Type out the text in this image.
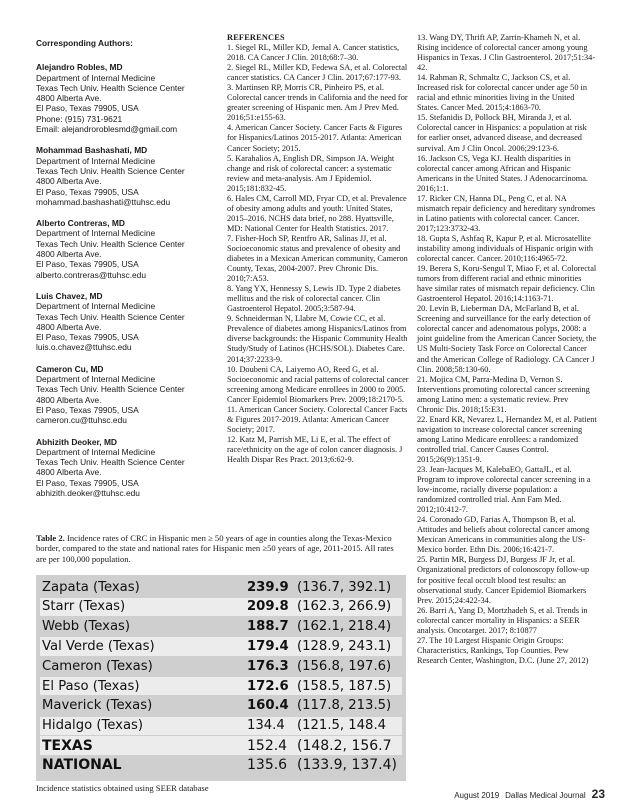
Corresponding Authors:
Alejandro Robles, MD
Department of Internal Medicine
Texas Tech Univ. Health Science Center
4800 Alberta Ave.
El Paso, Texas 79905, USA
Phone: (915) 731-9621
Email: alejandroroblesmd@gmail.com
Mohammad Bashashati, MD
Department of Internal Medicine
Texas Tech Univ. Health Science Center
4800 Alberta Ave.
El Paso, Texas 79905, USA
mohammad.bashashati@ttuhsc.edu
Alberto Contreras, MD
Department of Internal Medicine
Texas Tech Univ. Health Science Center
4800 Alberta Ave.
El Paso, Texas 79905, USA
alberto.contreras@ttuhsc.edu
Luis Chavez, MD
Department of Internal Medicine
Texas Tech Univ. Health Science Center
4800 Alberta Ave.
El Paso, Texas 79905, USA
luis.o.chavez@ttuhsc.edu
Cameron Cu, MD
Department of Internal Medicine
Texas Tech Univ. Health Science Center
4800 Alberta Ave.
El Paso, Texas 79905, USA
cameron.cu@ttuhsc.edu
Abhizith Deoker, MD
Department of Internal Medicine
Texas Tech Univ. Health Science Center
4800 Alberta Ave.
El Paso, Texas 79905, USA
abhizith.deoker@ttuhsc.edu
REFERENCES

1. Siegel RL, Miller KD, Jemal A. Cancer statistics, 2018. CA Cancer J Clin. 2018;68:7–30.

2. Siegel RL, Miller KD, Fedewa SA, et al. Colorectal cancer statistics. CA Cancer J Clin. 2017;67:177-93.

3. Martinsen RP, Morris CR, Pinheiro PS, et al. Colorectal cancer trends in California and the need for greater screening of Hispanic men. Am J Prev Med. 2016;51:e155-63.

4. American Cancer Society. Cancer Facts & Figures for Hispanics/Latinos 2015-2017. Atlanta: American Cancer Society; 2015.

5. Karahalios A, English DR, Simpson JA. Weight change and risk of colorectal cancer: a systematic review and meta-analysis. Am J Epidemiol. 2015;181:832-45.

6. Hales CM, Carroll MD, Fryar CD, et al. Prevalence of obesity among adults and youth: United States, 2015–2016. NCHS data brief, no 288. Hyattsville, MD: National Center for Health Statistics. 2017.

7. Fisher-Hoch SP, Rentfro AR, Salinas JJ, et al. Socioeconomic status and prevalence of obesity and diabetes in a Mexican American community, Cameron County, Texas, 2004-2007. Prev Chronic Dis. 2010;7:A53.

8. Yang YX, Hennessy S, Lewis JD. Type 2 diabetes mellitus and the risk of colorectal cancer. Clin Gastroenterol Hepatol. 2005;3:587-94.

9. Schneiderman N, Llabre M, Cowie CC, et al. Prevalence of diabetes among Hispanics/Latinos from diverse backgrounds: the Hispanic Community Health Study/Study of Latinos (HCHS/SOL). Diabetes Care. 2014;37:2233-9.

10. Doubeni CA, Laiyemo AO, Reed G, et al. Socioeconomic and racial patterns of colorectal cancer screening among Medicare enrollees in 2000 to 2005. Cancer Epidemiol Biomarkers Prev. 2009;18:2170-5.

11. American Cancer Society. Colorectal Cancer Facts & Figures 2017-2019. Atlanta: American Cancer Society; 2017.

12. Katz M, Parrish ME, Li E, et al. The effect of race/ethnicity on the age of colon cancer diagnosis. J Health Dispar Res Pract. 2013;6:62-9.

13. Wang DY, Thrift AP, Zarrin-Khameh N, et al. Rising incidence of colorectal cancer among young Hispanics in Texas. J Clin Gastroenterol. 2017;51:34-42.

14. Rahman R, Schmaltz C, Jackson CS, et al. Increased risk for colorectal cancer under age 50 in racial and ethnic minorities living in the United States. Cancer Med. 2015;4:1863-70.

15. Stefanidis D, Pollock BH, Miranda J, et al. Colorectal cancer in Hispanics: a population at risk for earlier onset, advanced disease, and decreased survival. Am J Clin Oncol. 2006;29:123-6.

16. Jackson CS, Vega KJ. Health disparities in colorectal cancer among African and Hispanic Americans in the United States. J Adenocarcinoma. 2016;1:1.

17. Ricker CN, Hanna DL, Peng C, et al. NA mismatch repair deficiency and hereditary syndromes in Latino patients with colorectal cancer. Cancer. 2017;123:3732-43.

18. Gupta S, Ashfaq R, Kapur P, et al. Microsatellite instability among individuals of Hispanic origin with colorectal cancer. Cancer. 2010;116:4965-72.

19. Berera S, Koru-Sengul T, Miao F, et al. Colorectal tumors from different racial and ethnic minorities have similar rates of mismatch repair deficiency. Clin Gastroenterol Hepatol. 2016;14:1163-71.

20. Levin B, Lieberman DA, McFarland B, et al. Screening and surveillance for the early detection of colorectal cancer and adenomatous polyps, 2008: a joint guideline from the American Cancer Society, the US Multi-Society Task Force on Colorectal Cancer and the American College of Radiology. CA Cancer J Clin. 2008;58:130-60.

21. Mojica CM, Parra-Medina D, Vernon S. Interventions promoting colorectal cancer screening among Latino men: a systematic review. Prev Chronic Dis. 2018;15:E31.

22. Enard KR, Nevarez L, Hernandez M, et al. Patient navigation to increase colorectal cancer screening among Latino Medicare enrollees: a randomized controlled trial. Cancer Causes Control. 2015;26(9):1351-9.

23. Jean-Jacques M, KalebaEO, GattaJL, et al. Program to improve colorectal cancer screening in a low-income, racially diverse population: a randomized controlled trial. Ann Fam Med. 2012;10:412-7.

24. Coronado GD, Farias A, Thompson B, et al. Attitudes and beliefs about colorectal cancer among Mexican Americans in communities along the US-Mexico border. Ethn Dis. 2006;16:421-7.

25. Partin MR, Burgess DJ, Burgess JF Jr, et al. Organizational predictors of colonoscopy follow-up for positive fecal occult blood test results: an observational study. Cancer Epidemiol Biomarkers Prev. 2015;24:422-34.

26. Barri A, Yang D, Mortzhadeh S, et al. Trends in colorectal cancer mortality in Hispanics: a SEER analysis. Oncotarget. 2017; 8:10877

27. The 10 Largest Hispanic Origin Groups: Characteristics, Rankings, Top Counties. Pew Research Center, Washington, D.C. (June 27, 2012)

Table 2. Incidence rates of CRC in Hispanic men ≥ 50 years of age in counties along the Texas-Mexico border, compared to the state and national rates for Hispanic men ≥50 years of age, 2011-2015. All rates are per 100,000 population.
Zapata (Texas)	239.9 (136.7, 392.1)
Starr (Texas)	209.8 (162.3, 266.9)
Webb (Texas)	188.7 (162.1, 218.4)
Val Verde (Texas)	179.4 (128.9, 243.1)
Cameron (Texas)	176.3 (156.8, 197.6)
El Paso (Texas)	172.6 (158.5, 187.5)
Maverick (Texas)	160.4 (117.8, 213.5)
Hidalgo (Texas)	134.4 (121.5, 148.4
TEXAS	152.4 (148.2, 156.7
NATIONAL	135.6 (133.9, 137.4)
Incidence statistics obtained using SEER database
August 2019 Dallas Medical Journal 23
